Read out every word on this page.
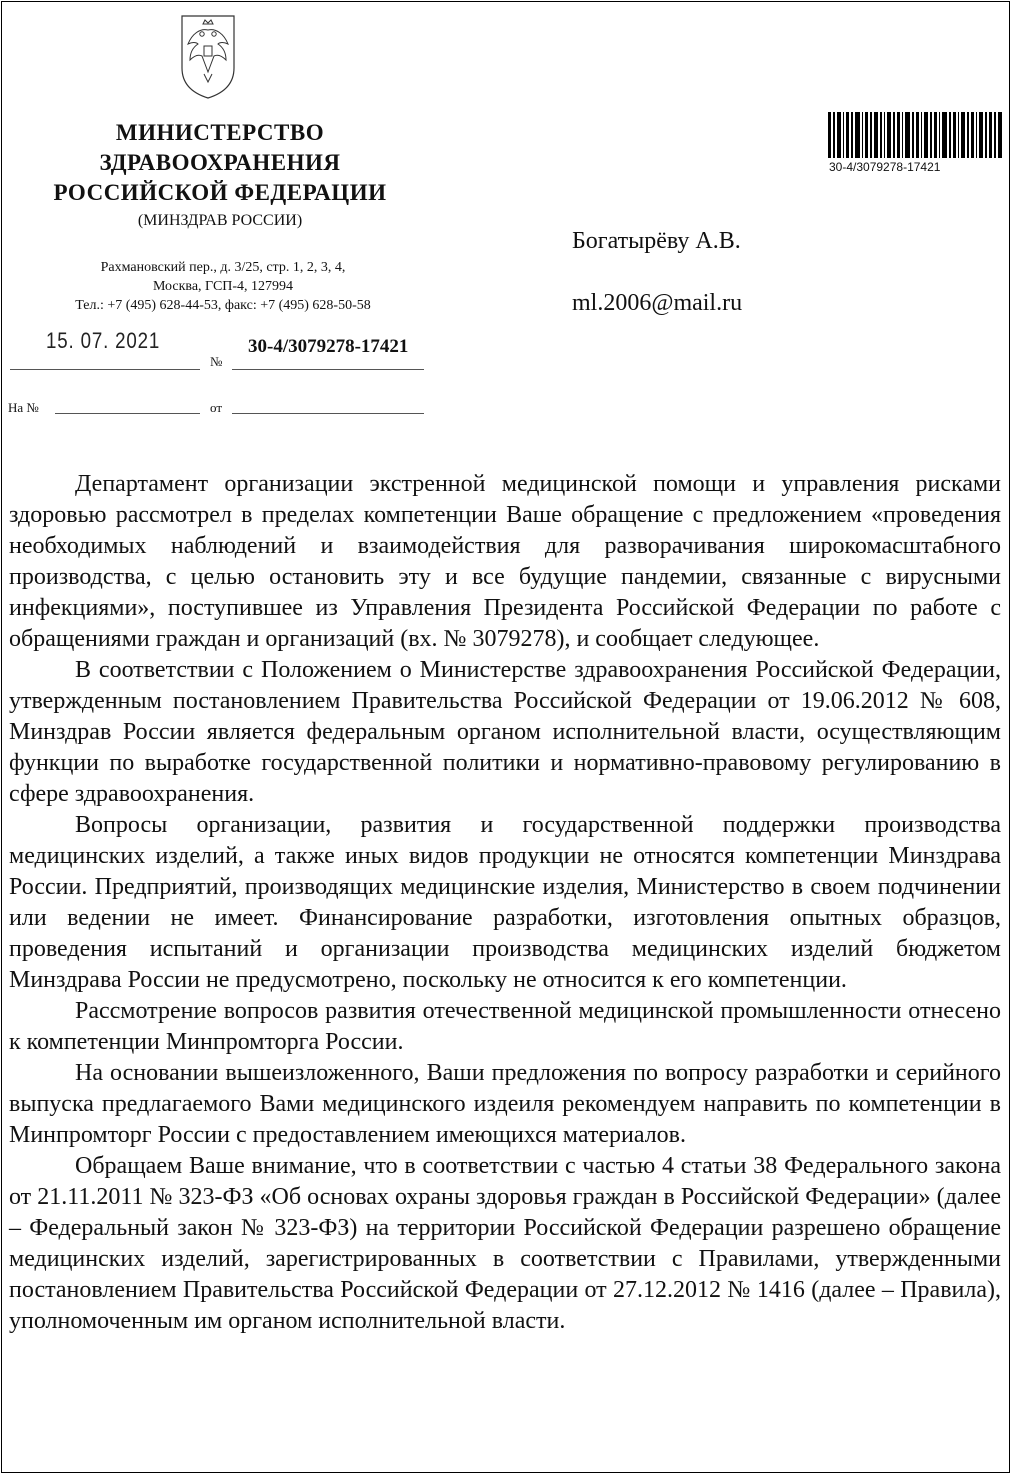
МИНИСТЕРСТВО
ЗДРАВООХРАНЕНИЯ
РОССИЙСКОЙ ФЕДЕРАЦИИ
(МИНЗДРАВ РОССИИ)
Рахмановский пер., д. 3/25, стр. 1, 2, 3, 4,
Москва, ГСП-4, 127994
Тел.: +7 (495) 628-44-53, факс: +7 (495) 628-50-58
15. 07. 2021
№
30-4/3079278-17421
На №	от
30-4/3079278-17421
Богатырёву А.В.
ml.2006@mail.ru

Департамент организации экстренной медицинской помощи и управления рисками здоровью рассмотрел в пределах компетенции Ваше обращение с предложением «проведения необходимых наблюдений и взаимодействия для разворачивания широкомасштабного производства, с целью остановить эту и все будущие пандемии, связанные с вирусными инфекциями», поступившее из Управления Президента Российской Федерации по работе с обращениями граждан и организаций (вх. № 3079278), и сообщает следующее.

В соответствии с Положением о Министерстве здравоохранения Российской Федерации, утвержденным постановлением Правительства Российской Федерации от 19.06.2012 № 608, Минздрав России является федеральным органом исполнительной власти, осуществляющим функции по выработке государственной политики и нормативно-правовому регулированию в сфере здравоохранения.

Вопросы организации, развития и государственной поддержки производства медицинских изделий, а также иных видов продукции не относятся компетенции Минздрава России. Предприятий, производящих медицинские изделия, Министерство в своем подчинении или ведении не имеет. Финансирование разработки, изготовления опытных образцов, проведения испытаний и организации производства медицинских изделий бюджетом Минздрава России не предусмотрено, поскольку не относится к его компетенции.

Рассмотрение вопросов развития отечественной медицинской промышленности отнесено к компетенции Минпромторга России.

На основании вышеизложенного, Ваши предложения по вопросу разработки и серийного выпуска предлагаемого Вами медицинского издеиля рекомендуем направить по компетенции в Минпромторг России с предоставлением имеющихся материалов.

Обращаем Ваше внимание, что в соответствии с частью 4 статьи 38 Федерального закона от 21.11.2011 № 323-ФЗ «Об основах охраны здоровья граждан в Российской Федерации» (далее – Федеральный закон № 323-ФЗ) на территории Российской Федерации разрешено обращение медицинских изделий, зарегистрированных в соответствии с Правилами, утвержденными постановлением Правительства Российской Федерации от 27.12.2012 № 1416 (далее – Правила), уполномоченным им органом исполнительной власти.
